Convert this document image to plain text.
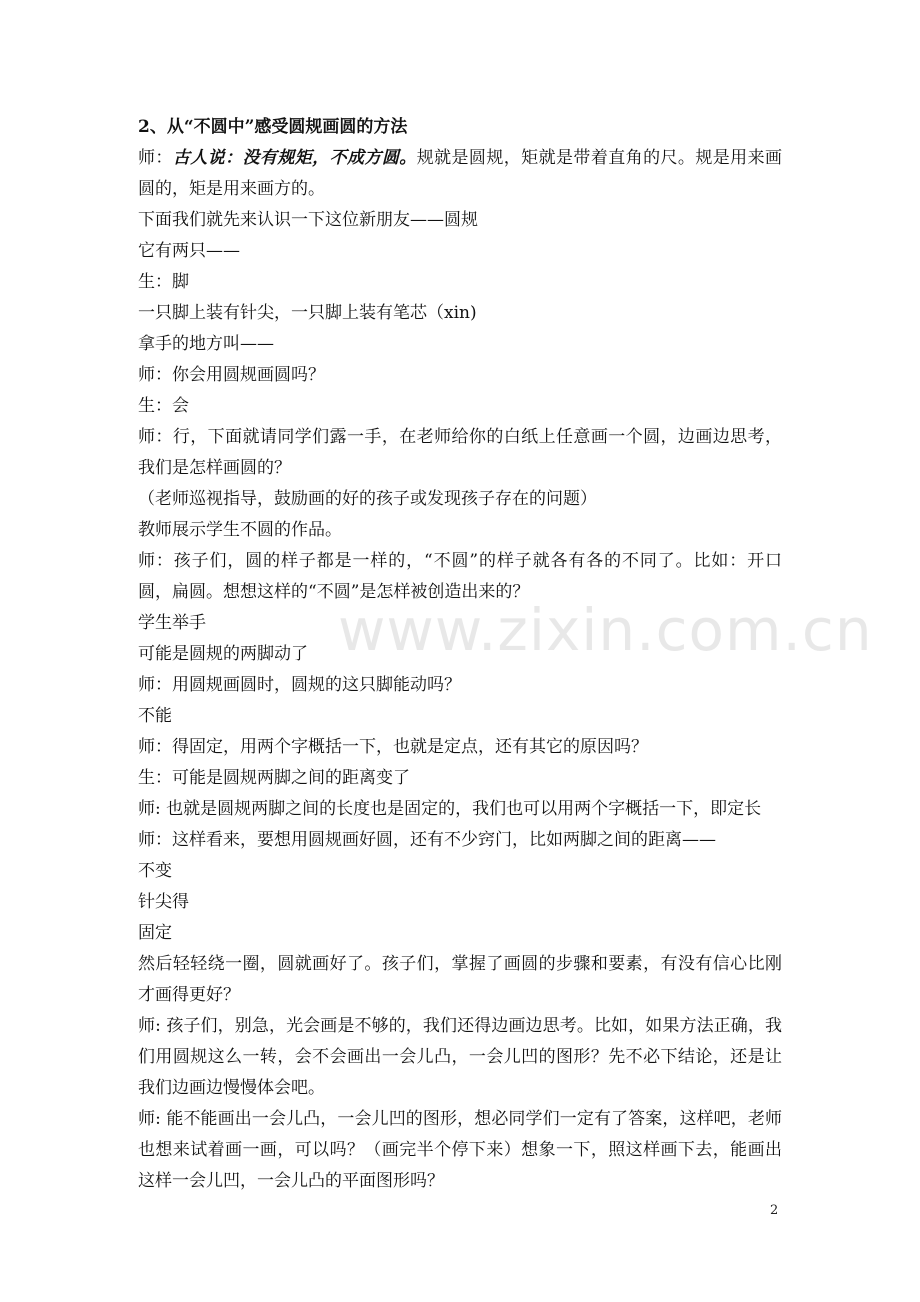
2、从“不圆中”感受圆规画圆的方法

师：古人说：没有规矩，不成方圆。规就是圆规，矩就是带着直角的尺。规是用来画圆的，矩是用来画方的。

下面我们就先来认识一下这位新朋友——圆规

它有两只——

生：脚

一只脚上装有针尖，一只脚上装有笔芯（xin)

拿手的地方叫——

师：你会用圆规画圆吗？

生：会

师：行，下面就请同学们露一手，在老师给你的白纸上任意画一个圆，边画边思考，我们是怎样画圆的？

（老师巡视指导，鼓励画的好的孩子或发现孩子存在的问题）

教师展示学生不圆的作品。

师：孩子们，圆的样子都是一样的，“不圆”的样子就各有各的不同了。比如：开口圆，扁圆。想想这样的“不圆”是怎样被创造出来的？

学生举手

可能是圆规的两脚动了

师：用圆规画圆时，圆规的这只脚能动吗？

不能

师：得固定，用两个字概括一下，也就是定点，还有其它的原因吗？

生：可能是圆规两脚之间的距离变了

师: 也就是圆规两脚之间的长度也是固定的，我们也可以用两个字概括一下，即定长

师：这样看来，要想用圆规画好圆，还有不少窍门，比如两脚之间的距离——

不变

针尖得

固定

然后轻轻绕一圈，圆就画好了。孩子们，掌握了画圆的步骤和要素，有没有信心比刚才画得更好？

师: 孩子们，别急，光会画是不够的，我们还得边画边思考。比如，如果方法正确，我们用圆规这么一转，会不会画出一会儿凸，一会儿凹的图形？先不必下结论，还是让我们边画边慢慢体会吧。

师: 能不能画出一会儿凸，一会儿凹的图形，想必同学们一定有了答案，这样吧，老师也想来试着画一画，可以吗？（画完半个停下来）想象一下，照这样画下去，能画出这样一会儿凹，一会儿凸的平面图形吗？

www.zixin.com.cn
2
